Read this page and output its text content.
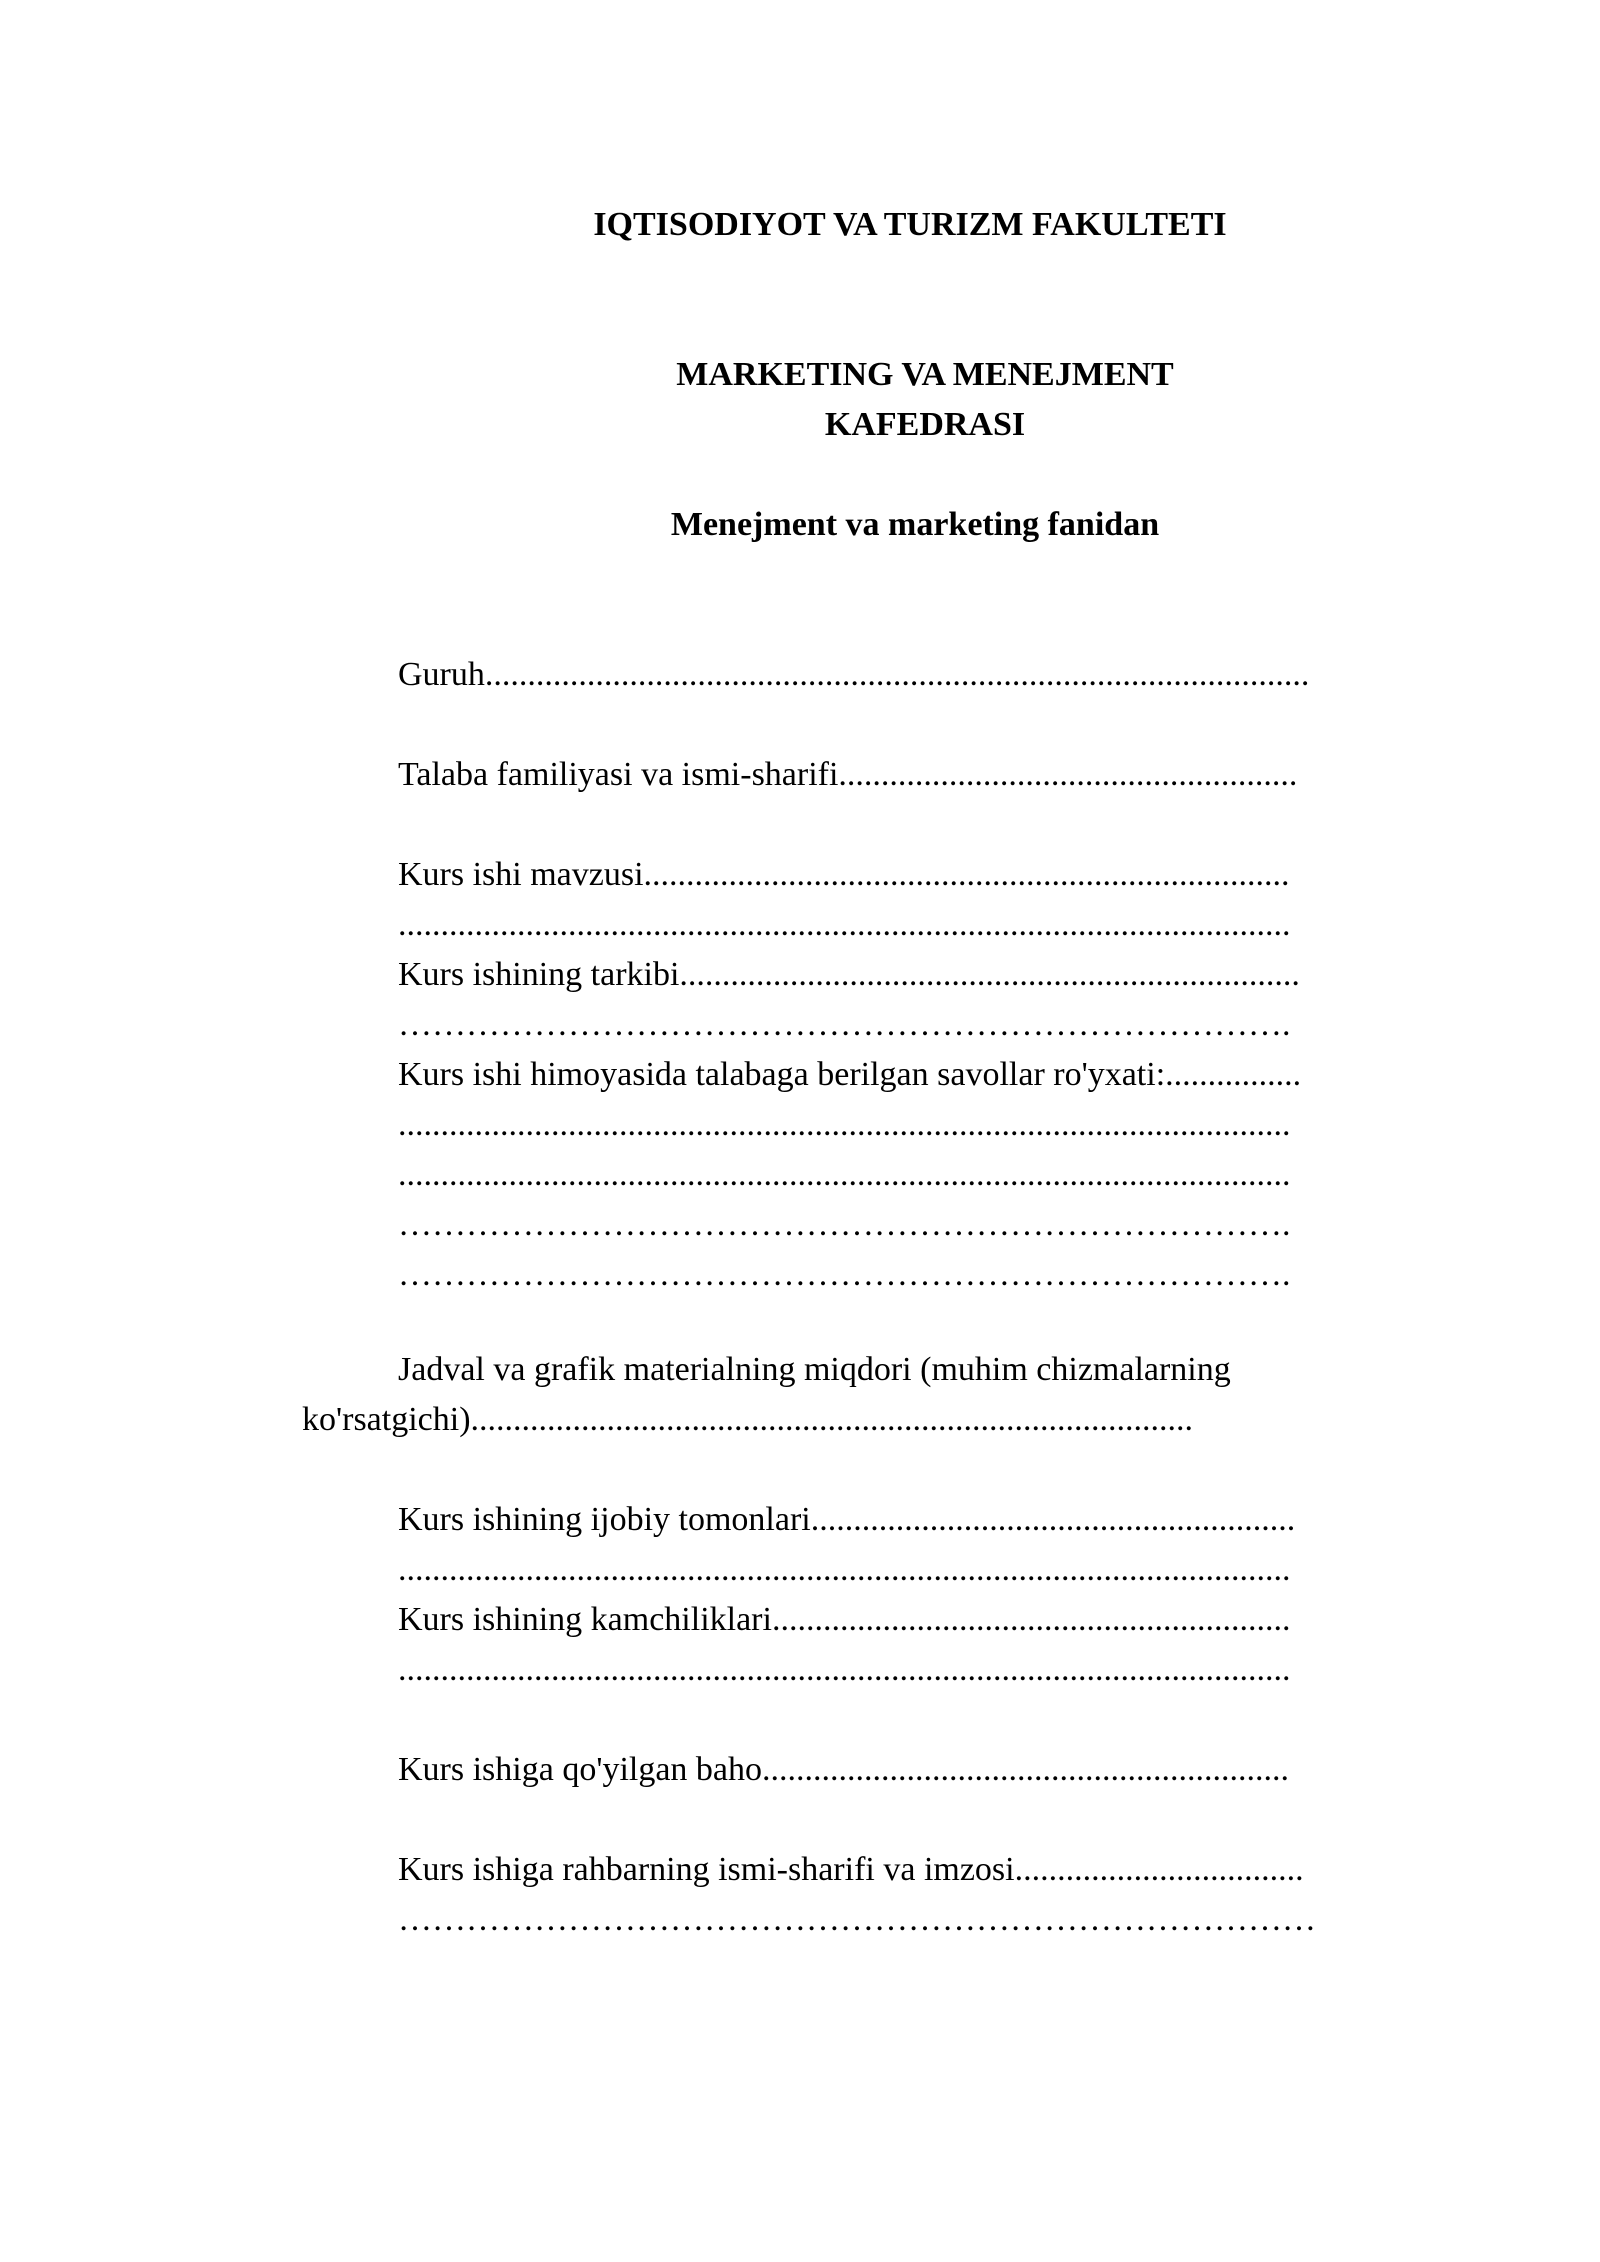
IQTISODIYOT VA TURIZM FAKULTETI
MARKETING VA MENEJMENT
KAFEDRASI
Menejment va marketing fanidan

Guruh.................................................................................................

Talaba familiyasi va ismi-sharifi......................................................

Kurs ishi mavzusi............................................................................

.........................................................................................................

Kurs ishining tarkibi.........................................................................

…………………………………………………………………….

Kurs ishi himoyasida talabaga berilgan savollar ro'yxati:................

.........................................................................................................

.........................................................................................................

…………………………………………………………………….

…………………………………………………………………….

Jadval va grafik materialning miqdori (muhim chizmalarning

ko'rsatgichi).....................................................................................

Kurs ishining ijobiy tomonlari.........................................................

.........................................................................................................

Kurs ishining kamchiliklari.............................................................

.........................................................................................................

Kurs ishiga qo'yilgan baho..............................................................

Kurs ishiga rahbarning ismi-sharifi va imzosi..................................

………………………………………………………………………
